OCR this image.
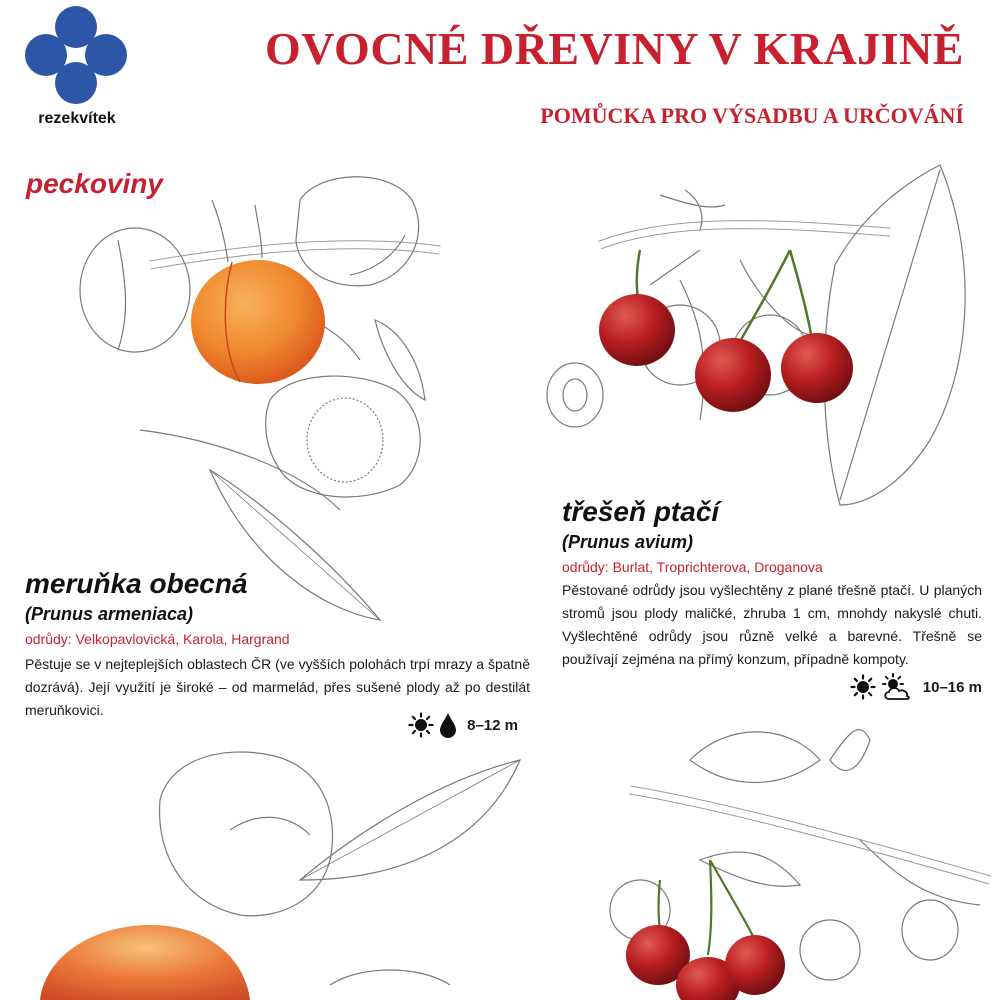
rezekvítek
OVOCNÉ DŘEVINY V KRAJINĚ
POMŮCKA PRO VÝSADBU A URČOVÁNÍ
peckoviny
meruňka obecná
(Prunus armeniaca)
odrůdy: Velkopavlovická, Karola, Hargrand
Pěstuje se v nejteplejších oblastech ČR (ve vyšších polohách trpí mrazy a špatně dozrává). Její využití je široké – od marmelád, přes sušené plody až po destilát meruňkovici.
8–12 m
třešeň ptačí
(Prunus avium)
odrůdy: Burlat, Troprichterova, Droganova
Pěstované odrůdy jsou vyšlechtěny z plané třešně ptačí. U planých stromů jsou plody maličké, zhruba 1 cm, mnohdy nakyslé chuti. Vyšlechtěné odrůdy jsou různě velké a barevné. Třešně se používají zejména na přímý konzum, případně kompoty.
10–16 m
